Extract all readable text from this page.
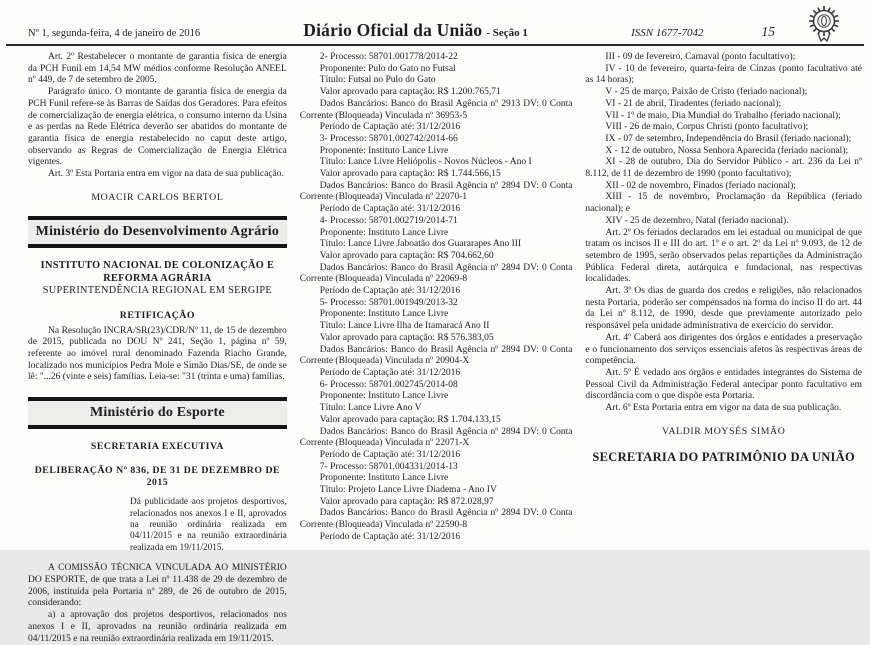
Nº 1, segunda-feira, 4 de janeiro de 2016	Diário Oficial da União - Seção 1	ISSN 1677-7042	15

Art. 2º Restabelecer o montante de garantia física de energia da PCH Funil em 14,54 MW médios conforme Resolução ANEEL nº 449, de 7 de setembro de 2005.

Parágrafo único. O montante de garantia física de energia da PCH Funil refere-se às Barras de Saídas dos Geradores. Para efeitos de comercialização de energia elétrica, o consumo interno da Usina e as perdas na Rede Elétrica deverão ser abatidos do montante de garantia física de energia restabelecido no caput deste artigo, observando as Regras de Comercialização de Energia Elétrica vigentes.

Art. 3º Esta Portaria entra em vigor na data de sua publicação.

MOACIR CARLOS BERTOL

Ministério do Desenvolvimento Agrário

INSTITUTO NACIONAL DE COLONIZAÇÃO E REFORMA AGRÁRIA

SUPERINTENDÊNCIA REGIONAL EM SERGIPE

RETIFICAÇÃO

Na Resolução INCRA/SR(23)/CDR/Nº 11, de 15 de dezembro de 2015, publicada no DOU Nº 241, Seção 1, página nº 59, referente ao imóvel rural denominado Fazenda Riacho Grande, localizado nos municípios Pedra Mole e Simão Dias/SE, de onde se lê: "...26 (vinte e seis) famílias. Leia-se: "31 (trinta e uma) famílias.

Ministério do Esporte

SECRETARIA EXECUTIVA

DELIBERAÇÃO Nº 836, DE 31 DE DEZEMBRO DE 2015

Dá publicidade aos projetos desportivos, relacionados nos anexos I e II, aprovados na reunião ordinária realizada em 04/11/2015 e na reunião extraordinária realizada em 19/11/2015.

A COMISSÃO TÉCNICA VINCULADA AO MINISTÉRIO DO ESPORTE, de que trata a Lei nº 11.438 de 29 de dezembro de 2006, instituída pela Portaria nº 289, de 26 de outubro de 2015, considerando:

a) a aprovação dos projetos desportivos, relacionados nos anexos I e II, aprovados na reunião ordinária realizada em 04/11/2015 e na reunião extraordinária realizada em 19/11/2015.

2- Processo: 58701.001778/2014-22

Proponente: Pulo do Gato no Futsal

Título: Futsal no Pulo do Gato

Valor aprovado para captação: R$ 1.200.765,71

Dados Bancários: Banco do Brasil Agência nº 2913 DV: 0 Conta Corrente (Bloqueada) Vinculada nº 36953-5

Período de Captação até: 31/12/2016

3- Processo: 58701.002742/2014-66

Proponente: Instituto Lance Livre

Título: Lance Livre Heliópolis - Novos Núcleos - Ano I

Valor aprovado para captação: R$ 1.744.566,15

Dados Bancários: Banco do Brasil Agência nº 2894 DV: 0 Conta Corrente (Bloqueada) Vinculada nº 22070-1

Período de Captação até: 31/12/2016

4- Processo: 58701.002719/2014-71

Proponente: Instituto Lance Livre

Título: Lance Livre Jaboatão dos Guararapes Ano III

Valor aprovado para captação: R$ 704.662,60

Dados Bancários: Banco do Brasil Agência nº 2894 DV: 0 Conta Corrente (Bloqueada) Vinculada nº 22069-8

Período de Captação até: 31/12/2016

5- Processo: 58701.001949/2013-32

Proponente: Instituto Lance Livre

Título: Lance Livre Ilha de Itamaracá Ano II

Valor aprovado para captação: R$ 576.383,05

Dados Bancários: Banco do Brasil Agência nº 2894 DV: 0 Conta Corrente (Bloqueada) Vinculada nº 20904-X

Período de Captação até: 31/12/2016

6- Processo: 58701.002745/2014-08

Proponente: Instituto Lance Livre

Título: Lance Livre Ano V

Valor aprovado para captação: R$ 1.704.133,15

Dados Bancários: Banco do Brasil Agência nº 2894 DV: 0 Conta Corrente (Bloqueada) Vinculada nº 22071-X

Período de Captação até: 31/12/2016

7- Processo: 58701.004331/2014-13

Proponente: Instituto Lance Livre

Título: Projeto Lance Livre Diadema - Ano IV

Valor aprovado para captação: R$ 872.028,97

Dados Bancários: Banco do Brasil Agência nº 2894 DV: 0 Conta Corrente (Bloqueada) Vinculada nº 22590-8

Período de Captação até: 31/12/2016

III - 09 de fevereiro, Carnaval (ponto facultativo);

IV - 10 de fevereiro, quarta-feira de Cinzas (ponto facultativo até as 14 horas);

V - 25 de março, Paixão de Cristo (feriado nacional);

VI - 21 de abril, Tiradentes (feriado nacional);

VII - 1º de maio, Dia Mundial do Trabalho (feriado nacional);

VIII - 26 de maio, Corpus Christi (ponto facultativo);

IX - 07 de setembro, Independência do Brasil (feriado nacional);

X - 12 de outubro, Nossa Senhora Aparecida (feriado nacional);

XI - 28 de outubro, Dia do Servidor Público - art. 236 da Lei nº 8.112, de 11 de dezembro de 1990 (ponto facultativo);

XII - 02 de novembro, Finados (feriado nacional);

XIII - 15 de novembro, Proclamação da República (feriado nacional); e

XIV - 25 de dezembro, Natal (feriado nacional).

Art. 2º Os feriados declarados em lei estadual ou municipal de que tratam os incisos II e III do art. 1º e o art. 2º da Lei nº 9.093, de 12 de setembro de 1995, serão observados pelas repartições da Administração Pública Federal direta, autárquica e fundacional, nas respectivas localidades.

Art. 3º Os dias de guarda dos credos e religiões, não relacionados nesta Portaria, poderão ser compensados na forma do inciso II do art. 44 da Lei nº 8.112, de 1990, desde que previamente autorizado pelo responsável pela unidade administrativa de exercício do servidor.

Art. 4º Caberá aos dirigentes dos órgãos e entidades a preservação e o funcionamento dos serviços essenciais afetos às respectivas áreas de competência.

Art. 5º É vedado aos órgãos e entidades integrantes do Sistema de Pessoal Civil da Administração Federal antecipar ponto facultativo em discordância com o que dispõe esta Portaria.

Art. 6º Esta Portaria entra em vigor na data de sua publicação.

VALDIR MOYSÉS SIMÃO

SECRETARIA DO PATRIMÔNIO DA UNIÃO
